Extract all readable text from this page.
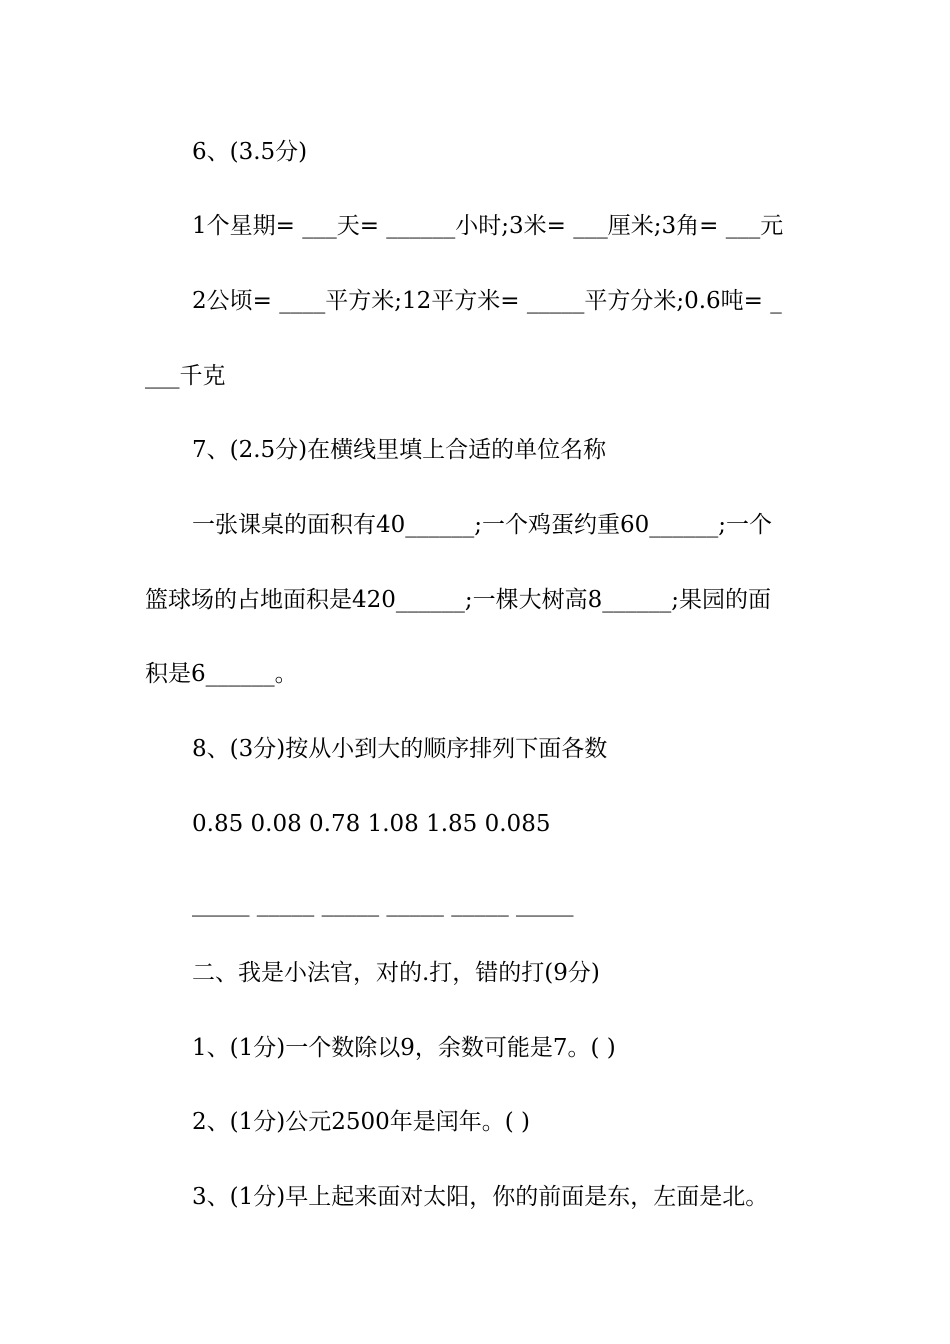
6、(3.5分)
1个星期= ___天= ______小时;3米= ___厘米;3角= ___元
2公顷= ____平方米;12平方米= _____平方分米;0.6吨= _
___千克
7、(2.5分)在横线里填上合适的单位名称
一张课桌的面积有40______;一个鸡蛋约重60______;一个
篮球场的占地面积是420______;一棵大树高8______;果园的面
积是6______。
8、(3分)按从小到大的顺序排列下面各数
0.85 0.08 0.78 1.08 1.85 0.085
_____ _____ _____ _____ _____ _____
二、我是小法官，对的.打，错的打(9分)
1、(1分)一个数除以9，余数可能是7。( )
2、(1分)公元2500年是闰年。( )
3、(1分)早上起来面对太阳，你的前面是东，左面是北。
